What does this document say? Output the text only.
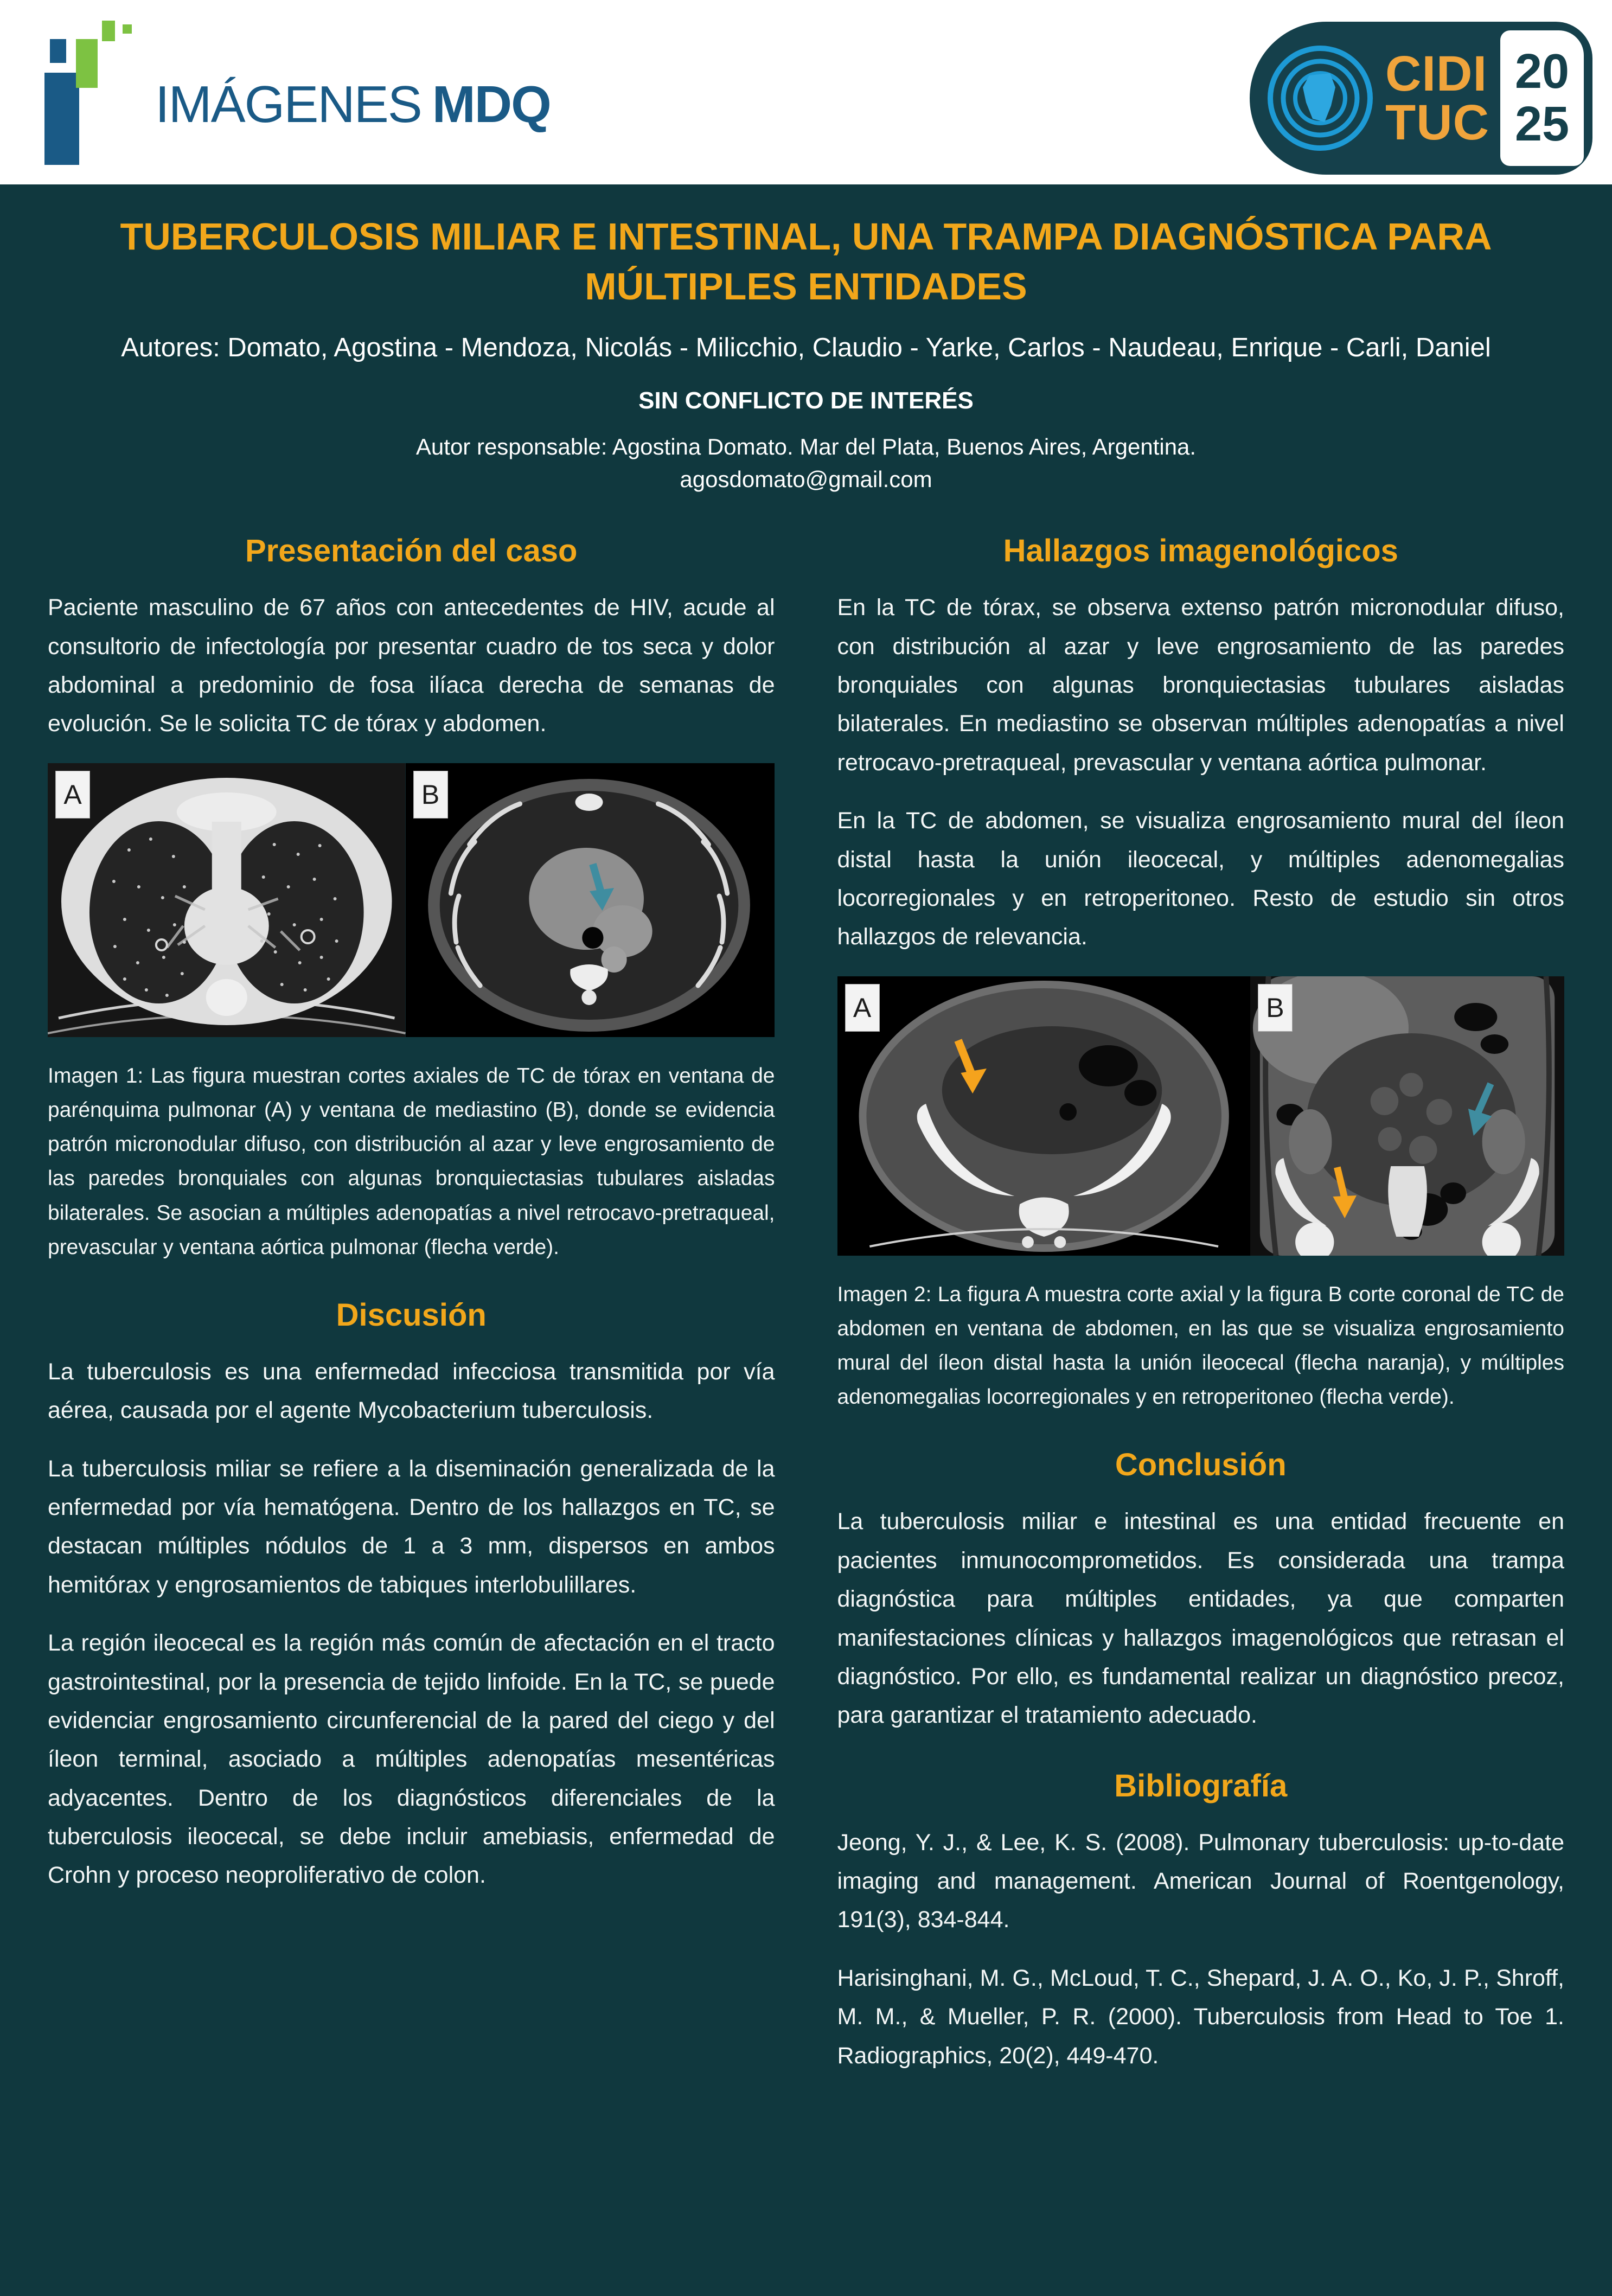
IMÁGENES MDQ
CIDI
TUC
20
25
TUBERCULOSIS MILIAR E INTESTINAL, UNA TRAMPA DIAGNÓSTICA PARA MÚLTIPLES ENTIDADES
Autores: Domato, Agostina - Mendoza, Nicolás - Milicchio, Claudio - Yarke, Carlos - Naudeau, Enrique - Carli, Daniel
SIN CONFLICTO DE INTERÉS
Autor responsable: Agostina Domato. Mar del Plata, Buenos Aires, Argentina.
agosdomato@gmail.com
Presentación del caso

Paciente masculino de 67 años con antecedentes de HIV, acude al consultorio de infectología por presentar cuadro de tos seca y dolor abdominal a predominio de fosa ilíaca derecha de semanas de evolución. Se le solicita TC de tórax y abdomen.

A	B

Imagen 1: Las figura muestran cortes axiales de TC de tórax en ventana de parénquima pulmonar (A) y ventana de mediastino (B), donde se evidencia patrón micronodular difuso, con distribución al azar y leve engrosamiento de las paredes bronquiales con algunas bronquiectasias tubulares aisladas bilaterales. Se asocian a múltiples adenopatías a nivel retrocavo-pretraqueal, prevascular y ventana aórtica pulmonar (flecha verde).

Discusión

La tuberculosis es una enfermedad infecciosa transmitida por vía aérea, causada por el agente Mycobacterium tuberculosis.

La tuberculosis miliar se refiere a la diseminación generalizada de la enfermedad por vía hematógena. Dentro de los hallazgos en TC, se destacan múltiples nódulos de 1 a 3 mm, dispersos en ambos hemitórax y engrosamientos de tabiques interlobulillares.

La región ileocecal es la región más común de afectación en el tracto gastrointestinal, por la presencia de tejido linfoide. En la TC, se puede evidenciar engrosamiento circunferencial de la pared del ciego y del íleon terminal, asociado a múltiples adenopatías mesentéricas adyacentes. Dentro de los diagnósticos diferenciales de la tuberculosis ileocecal, se debe incluir amebiasis, enfermedad de Crohn y proceso neoproliferativo de colon.

Hallazgos imagenológicos

En la TC de tórax, se observa extenso patrón micronodular difuso, con distribución al azar y leve engrosamiento de las paredes bronquiales con algunas bronquiectasias tubulares aisladas bilaterales. En mediastino se observan múltiples adenopatías a nivel retrocavo-pretraqueal, prevascular y ventana aórtica pulmonar.

En la TC de abdomen, se visualiza engrosamiento mural del íleon distal hasta la unión ileocecal, y múltiples adenomegalias locorregionales y en retroperitoneo. Resto de estudio sin otros hallazgos de relevancia.

A	B

Imagen 2: La figura A muestra corte axial y la figura B corte coronal de TC de abdomen en ventana de abdomen, en las que se visualiza engrosamiento mural del íleon distal hasta la unión ileocecal (flecha naranja), y múltiples adenomegalias locorregionales y en retroperitoneo (flecha verde).

Conclusión

La tuberculosis miliar e intestinal es una entidad frecuente en pacientes inmunocomprometidos. Es considerada una trampa diagnóstica para múltiples entidades, ya que comparten manifestaciones clínicas y hallazgos imagenológicos que retrasan el diagnóstico. Por ello, es fundamental realizar un diagnóstico precoz, para garantizar el tratamiento adecuado.

Bibliografía

Jeong, Y. J., & Lee, K. S. (2008). Pulmonary tuberculosis: up-to-date imaging and management. American Journal of Roentgenology, 191(3), 834-844.

Harisinghani, M. G., McLoud, T. C., Shepard, J. A. O., Ko, J. P., Shroff, M. M., & Mueller, P. R. (2000). Tuberculosis from Head to Toe 1. Radiographics, 20(2), 449-470.
